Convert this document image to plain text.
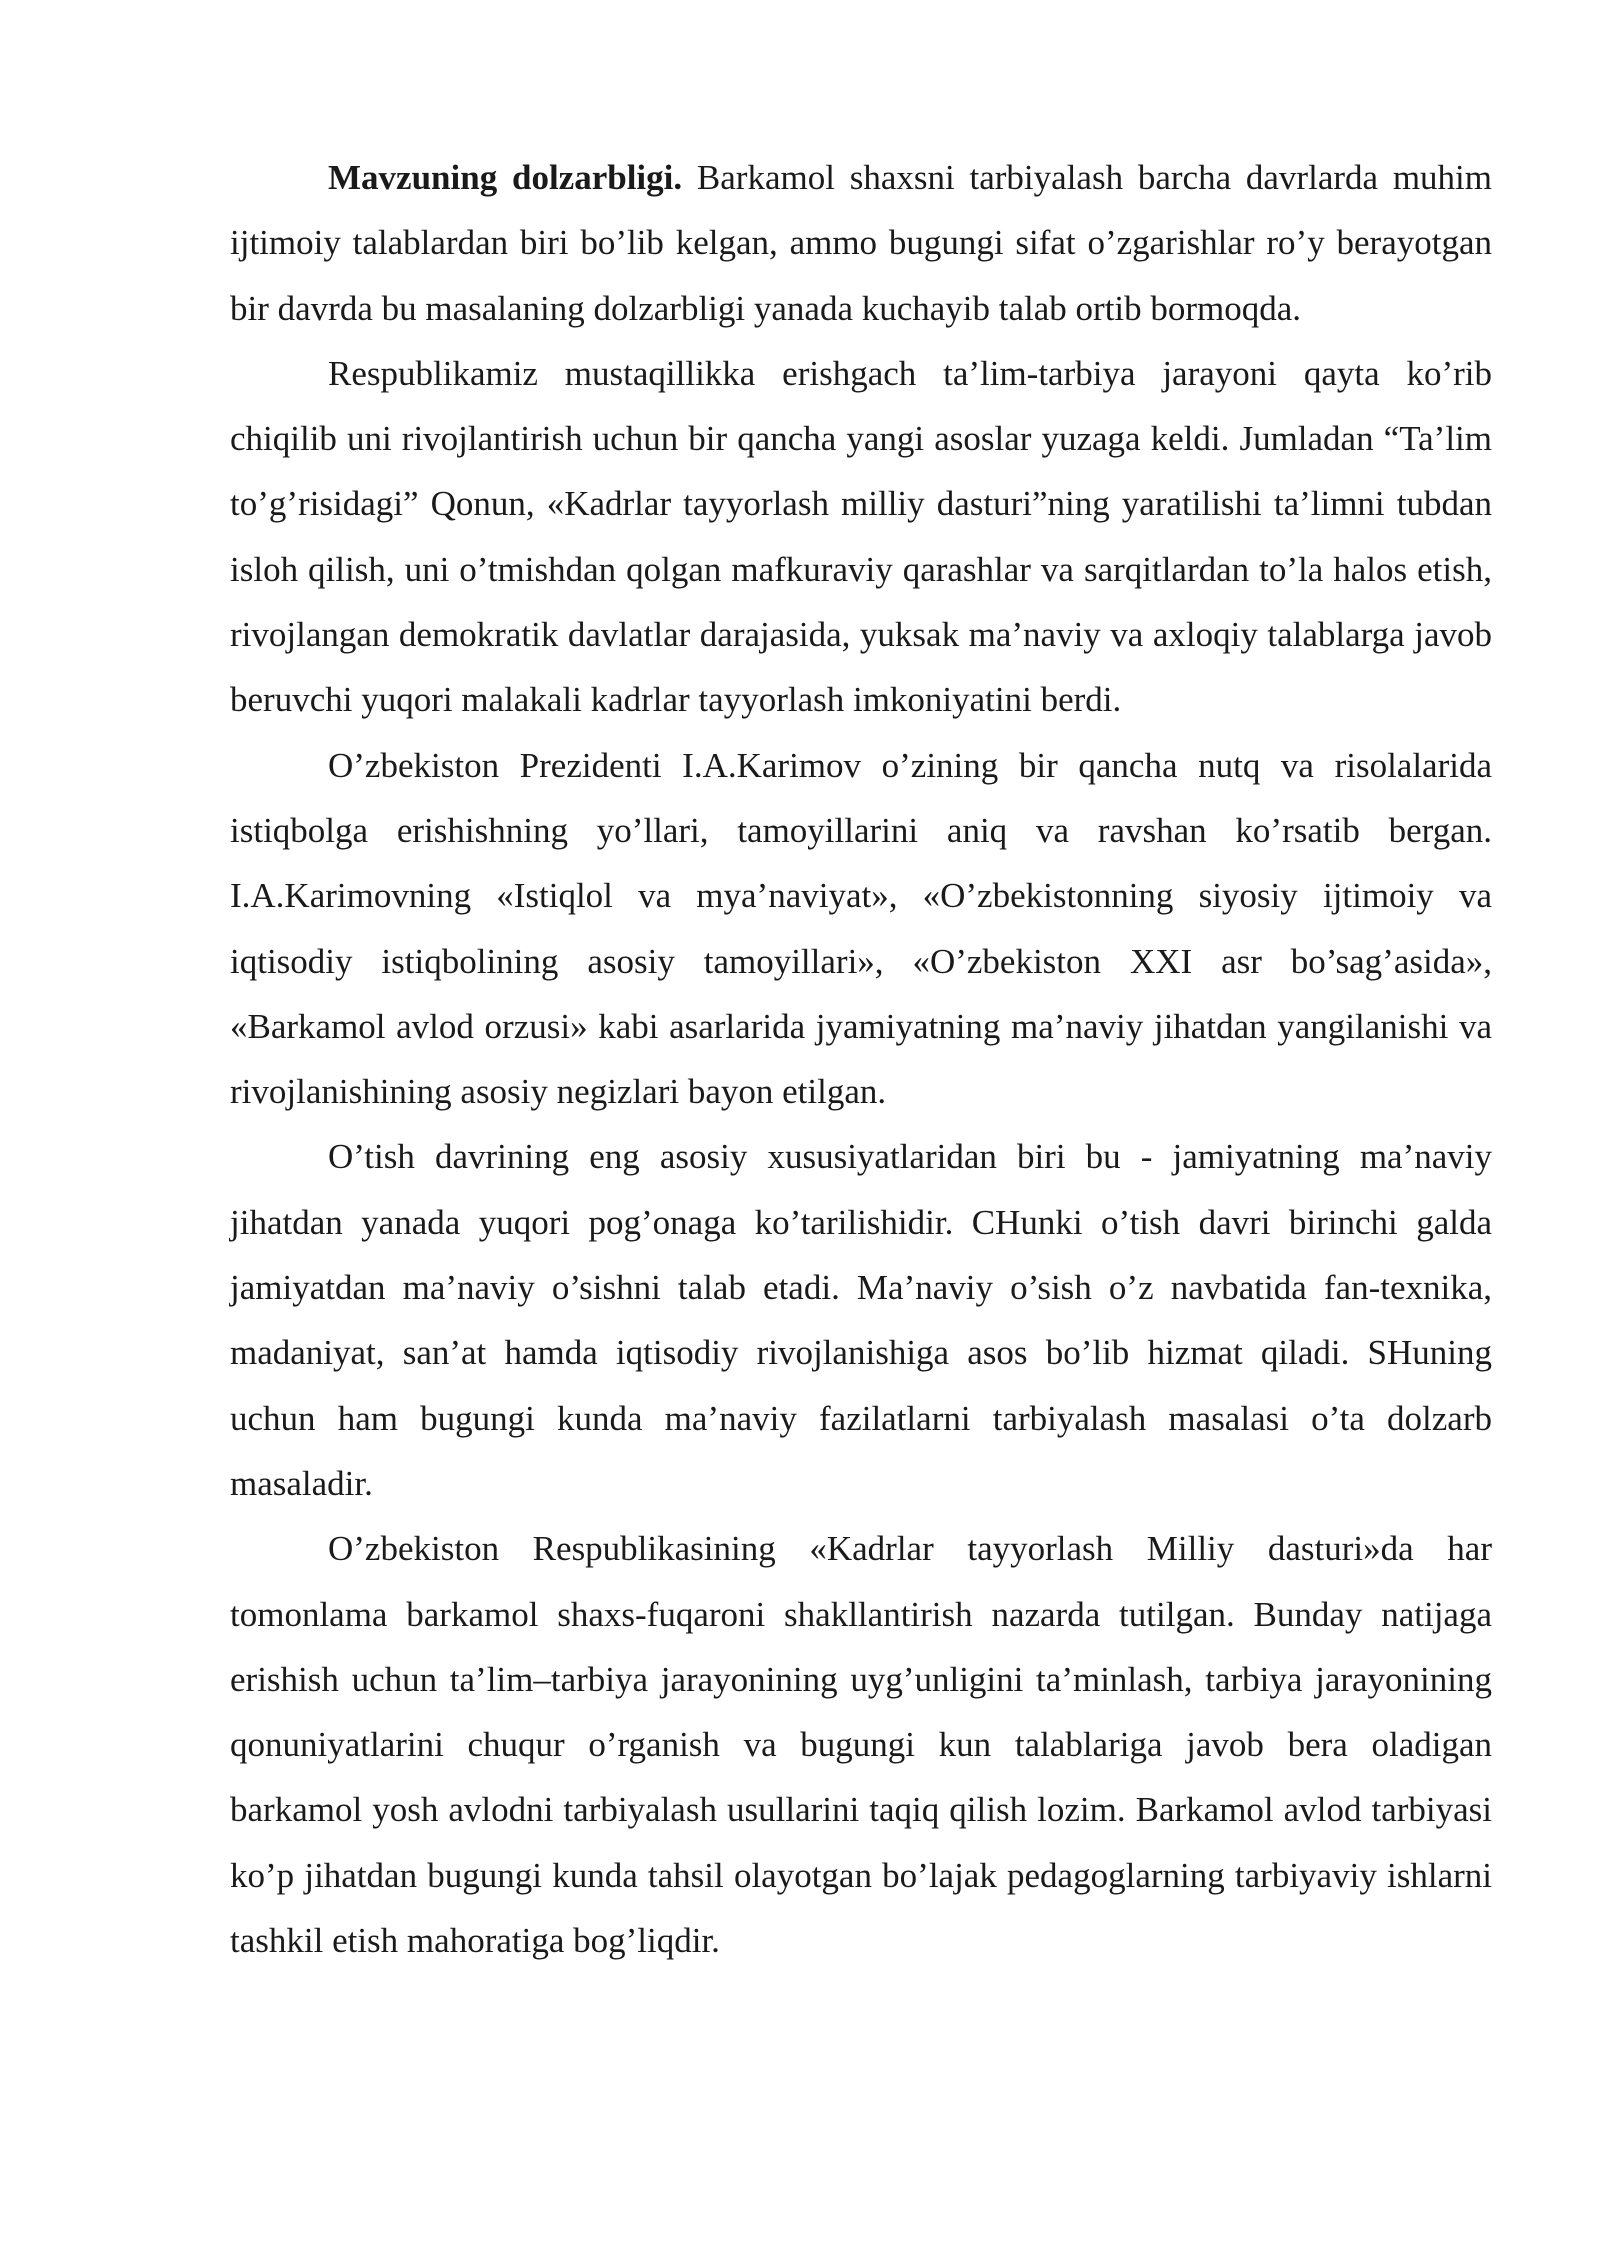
Mavzuning dolzarbligi. Barkamol shaxsni tarbiyalash barcha davrlarda muhim ijtimoiy talablardan biri bo’lib kelgan, ammo bugungi sifat o’zgarishlar ro’y berayotgan bir davrda bu masalaning dolzarbligi yanada kuchayib talab ortib bormoqda.

Respublikamiz mustaqillikka erishgach ta’lim-tarbiya jarayoni qayta ko’rib chiqilib uni rivojlantirish uchun bir qancha yangi asoslar yuzaga keldi. Jumladan “Ta’lim to’g’risidagi” Qonun, «Kadrlar tayyorlash milliy dasturi”ning yaratilishi ta’limni tubdan isloh qilish, uni o’tmishdan qolgan mafkuraviy qarashlar va sarqitlardan to’la halos etish, rivojlangan demokratik davlatlar darajasida, yuksak ma’naviy va axloqiy talablarga javob beruvchi yuqori malakali kadrlar tayyorlash imkoniyatini berdi.

O’zbekiston Prezidenti I.A.Karimov o’zining bir qancha nutq va risolalarida istiqbolga erishishning yo’llari, tamoyillarini aniq va ravshan ko’rsatib bergan. I.A.Karimovning «Istiqlol va mya’naviyat», «O’zbekistonning siyosiy ijtimoiy va iqtisodiy istiqbolining asosiy tamoyillari», «O’zbekiston XXI asr bo’sag’asida», «Barkamol avlod orzusi» kabi asarlarida jyamiyatning ma’naviy jihatdan yangilanishi va rivojlanishining asosiy negizlari bayon etilgan.

O’tish davrining eng asosiy xususiyatlaridan biri bu - jamiyatning ma’naviy jihatdan yanada yuqori pog’onaga ko’tarilishidir. CHunki o’tish davri birinchi galda jamiyatdan ma’naviy o’sishni talab etadi. Ma’naviy o’sish o’z navbatida fan-texnika, madaniyat, san’at hamda iqtisodiy rivojlanishiga asos bo’lib hizmat qiladi. SHuning uchun ham bugungi kunda ma’naviy fazilatlarni tarbiyalash masalasi o’ta dolzarb masaladir.

O’zbekiston Respublikasining «Kadrlar tayyorlash Milliy dasturi»da har tomonlama barkamol shaxs-fuqaroni shakllantirish nazarda tutilgan. Bunday natijaga erishish uchun ta’lim–tarbiya jarayonining uyg’unligini ta’minlash, tarbiya jarayonining qonuniyatlarini chuqur o’rganish va bugungi kun talablariga javob bera oladigan barkamol yosh avlodni tarbiyalash usullarini taqiq qilish lozim. Barkamol avlod tarbiyasi ko’p jihatdan bugungi kunda tahsil olayotgan bo’lajak pedagoglarning tarbiyaviy ishlarni tashkil etish mahoratiga bog’liqdir.
